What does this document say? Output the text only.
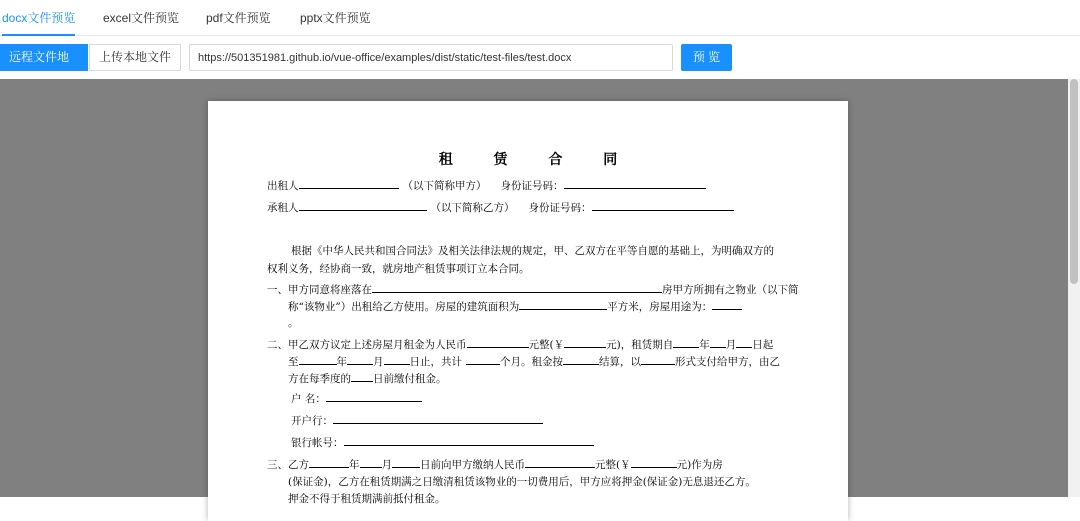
docx文件预览 excel文件预览 pdf文件预览 pptx文件预览
远程文件地	上传本地文件
https://501351981.github.io/vue-office/examples/dist/static/test-files/test.docx	预 览
租 赁 合 同
出租人	（以下简称甲方） 身份证号码：
承租人	（以下简称乙方） 身份证号码：
根据《中华人民共和国合同法》及相关法律法规的规定，甲、乙双方在平等自愿的基础上，为明确双方的
权利义务，经协商一致，就房地产租赁事项订立本合同。
一、甲方同意将座落在	房甲方所拥有之物业（以下简
称“该物业”）出租给乙方使用。房屋的建筑面积为	平方米，房屋用途为：
。
二、甲乙双方议定上述房屋月租金为人民币	元整(￥	元)，租赁期自 年 月 日起
至	年 月 日止，共计	个月。租金按	结算，以	形式支付给甲方，由乙
方在每季度的 日前缴付租金。
户 名：
开户行：
银行帐号：
三、乙方	年 月	日前向甲方缴纳人民币	元整(￥	元)作为房
(保证金)，乙方在租赁期满之日缴清租赁该物业的一切费用后，甲方应将押金(保证金)无息退还乙方。
押金不得于租赁期满前抵付租金。
